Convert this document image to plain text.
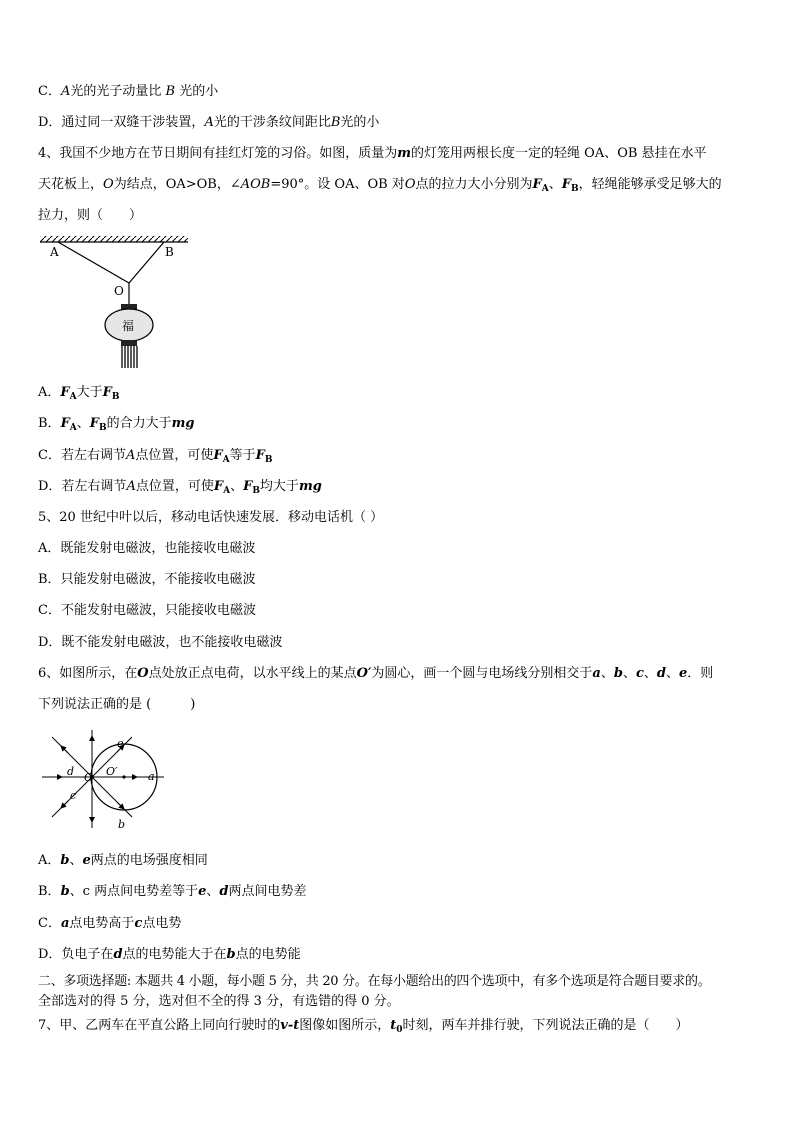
C．A光的光子动量比 B 光的小
D．通过同一双缝干涉装置，A光的干涉条纹间距比B光的小
4、我国不少地方在节日期间有挂红灯笼的习俗。如图，质量为m的灯笼用两根长度一定的轻绳 OA、OB 悬挂在水平
天花板上，O为结点，OA>OB，∠AOB=90°。设 OA、OB 对O点的拉力大小分别为$F_A$、$F_B$，轻绳能够承受足够大的
拉力，则（　　）
A	B
O
福
A．$F_A$大于$F_B$
B．$F_A$、$F_B$的合力大于mg
C．若左右调节A点位置，可使$F_A$等于$F_B$
D．若左右调节A点位置，可使$F_A$、$F_B$均大于mg
5、20 世纪中叶以后，移动电话快速发展．移动电话机（ ）
A．既能发射电磁波，也能接收电磁波
B．只能发射电磁波，不能接收电磁波
C．不能发射电磁波，只能接收电磁波
D．既不能发射电磁波，也不能接收电磁波
6、如图所示，在O点处放正点电荷，以水平线上的某点O′为圆心，画一个圆与电场线分别相交于a、b、c、d、e．则
下列说法正确的是 (　　　)
a
b
c
d
e
O O′
A．b、e两点的电场强度相同
B．b、c 两点间电势差等于e、d两点间电势差
C．a点电势高于c点电势
D．负电子在d点的电势能大于在b点的电势能
二、多项选择题: 本题共 4 小题，每小题 5 分，共 20 分。在每小题给出的四个选项中，有多个选项是符合题目要求的。
全部选对的得 5 分，选对但不全的得 3 分，有选错的得 0 分。
7、甲、乙两车在平直公路上同向行驶时的v-t图像如图所示，$t_0$时刻，两车并排行驶，下列说法正确的是（　　）
